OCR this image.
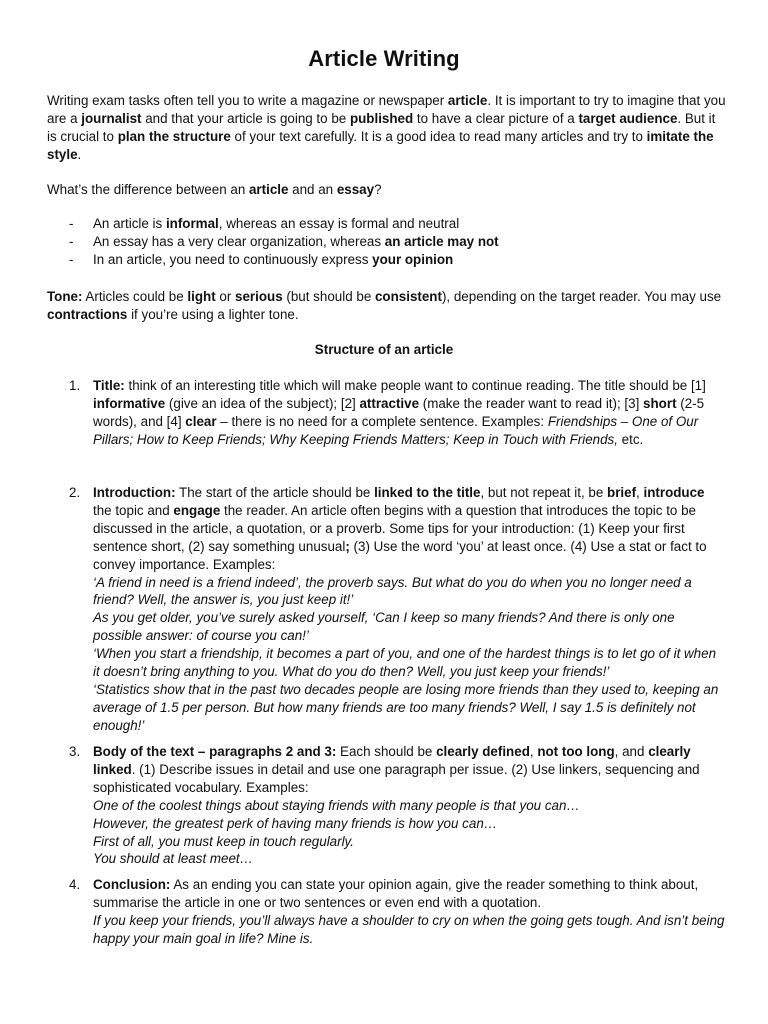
Article Writing
Writing exam tasks often tell you to write a magazine or newspaper article. It is important to try to imagine that you are a journalist and that your article is going to be published to have a clear picture of a target audience. But it is crucial to plan the structure of your text carefully. It is a good idea to read many articles and try to imitate the style.
What’s the difference between an article and an essay?
-	An article is informal, whereas an essay is formal and neutral
-	An essay has a very clear organization, whereas an article may not
-	In an article, you need to continuously express your opinion
Tone: Articles could be light or serious (but should be consistent), depending on the target reader. You may use contractions if you’re using a lighter tone.
Structure of an article
1. Title: think of an interesting title which will make people want to continue reading. The title should be [1] informative (give an idea of the subject); [2] attractive (make the reader want to read it); [3] short (2-5 words), and [4] clear – there is no need for a complete sentence. Examples: Friendships – One of Our Pillars; How to Keep Friends; Why Keeping Friends Matters; Keep in Touch with Friends, etc.
2. Introduction: The start of the article should be linked to the title, but not repeat it, be brief, introduce the topic and engage the reader. An article often begins with a question that introduces the topic to be discussed in the article, a quotation, or a proverb. Some tips for your introduction: (1) Keep your first sentence short, (2) say something unusual; (3) Use the word ‘you’ at least once. (4) Use a stat or fact to convey importance. Examples:
‘A friend in need is a friend indeed’, the proverb says. But what do you do when you no longer need a friend? Well, the answer is, you just keep it!’
As you get older, you’ve surely asked yourself, ‘Can I keep so many friends? And there is only one possible answer: of course you can!’
‘When you start a friendship, it becomes a part of you, and one of the hardest things is to let go of it when it doesn’t bring anything to you. What do you do then? Well, you just keep your friends!’
‘Statistics show that in the past two decades people are losing more friends than they used to, keeping an average of 1.5 per person. But how many friends are too many friends? Well, I say 1.5 is definitely not enough!’
3. Body of the text – paragraphs 2 and 3: Each should be clearly defined, not too long, and clearly linked. (1) Describe issues in detail and use one paragraph per issue. (2) Use linkers, sequencing and sophisticated vocabulary. Examples:
One of the coolest things about staying friends with many people is that you can…
However, the greatest perk of having many friends is how you can…
First of all, you must keep in touch regularly.
You should at least meet…
4. Conclusion: As an ending you can state your opinion again, give the reader something to think about, summarise the article in one or two sentences or even end with a quotation.
If you keep your friends, you’ll always have a shoulder to cry on when the going gets tough. And isn’t being happy your main goal in life? Mine is.
